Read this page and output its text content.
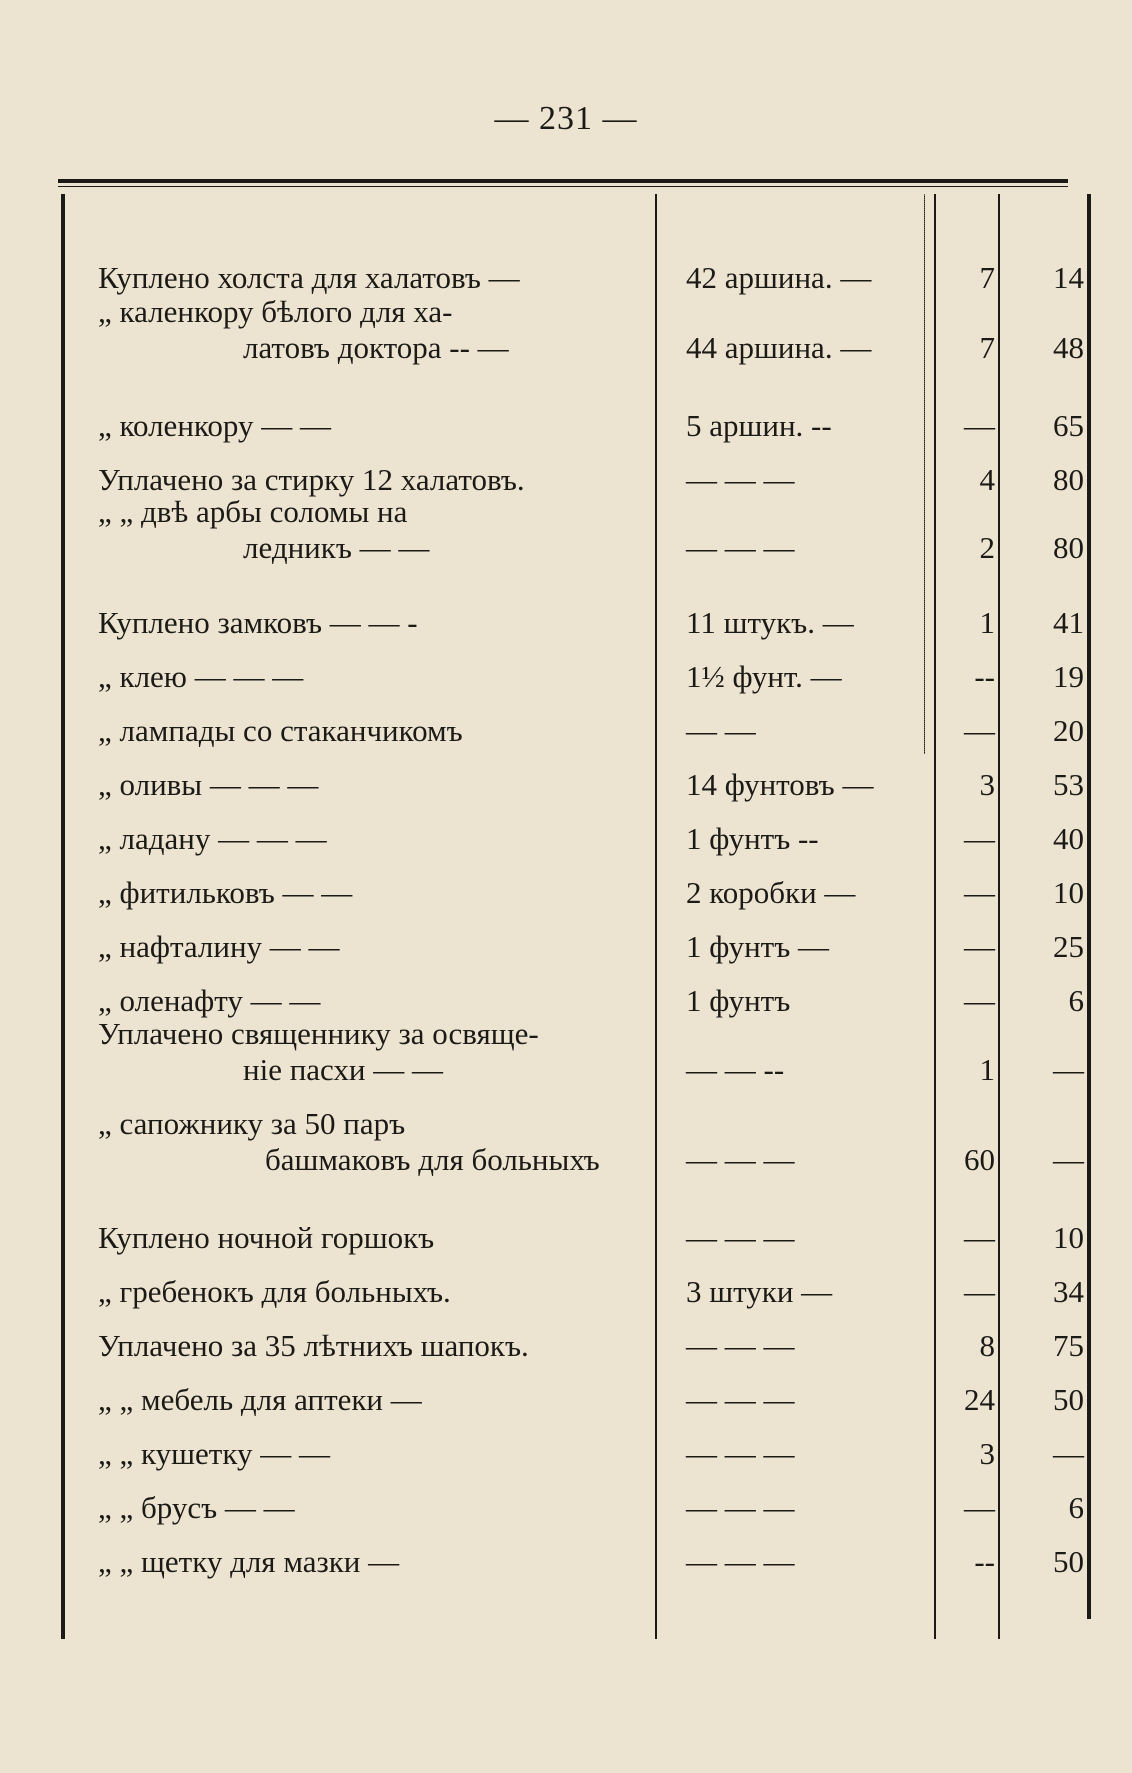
— 231 —
Куплено холста для халатовъ —	42 аршина. —	7	14
„ каленкору бѣлого для ха-
латовъ доктора -- —	44 аршина. —	7	48
„ коленкору — —	5 аршин. --	—	65
Уплачено за стирку 12 халатовъ.	— — —	4	80
„ „ двѣ арбы соломы на
ледникъ — —	— — —	2	80
Куплено замковъ — — -	11 штукъ. —	1	41
„ клею — — —	1½ фунт. —	--	19
„ лампады со стаканчикомъ	— —	—	20
„ оливы — — —	14 фунтовъ —	3	53
„ ладану — — —	1 фунтъ --	—	40
„ фитильковъ — —	2 коробки —	—	10
„ нафталину — —	1 фунтъ —	—	25
„ оленафту — —	1 фунтъ	—	6
Уплачено священнику за освяще-
ніе пасхи — —	— — --	1	—
„ сапожнику за 50 паръ
башмаковъ для больныхъ	— — —	60	—
Куплено ночной горшокъ	— — —	—	10
„ гребенокъ для больныхъ.	3 штуки —	—	34
Уплачено за 35 лѣтнихъ шапокъ.	— — —	8	75
„ „ мебель для аптеки —	— — —	24	50
„ „ кушетку — —	— — —	3	—
„ „ брусъ — —	— — —	—	6
„ „ щетку для мазки —	— — —	--	50
